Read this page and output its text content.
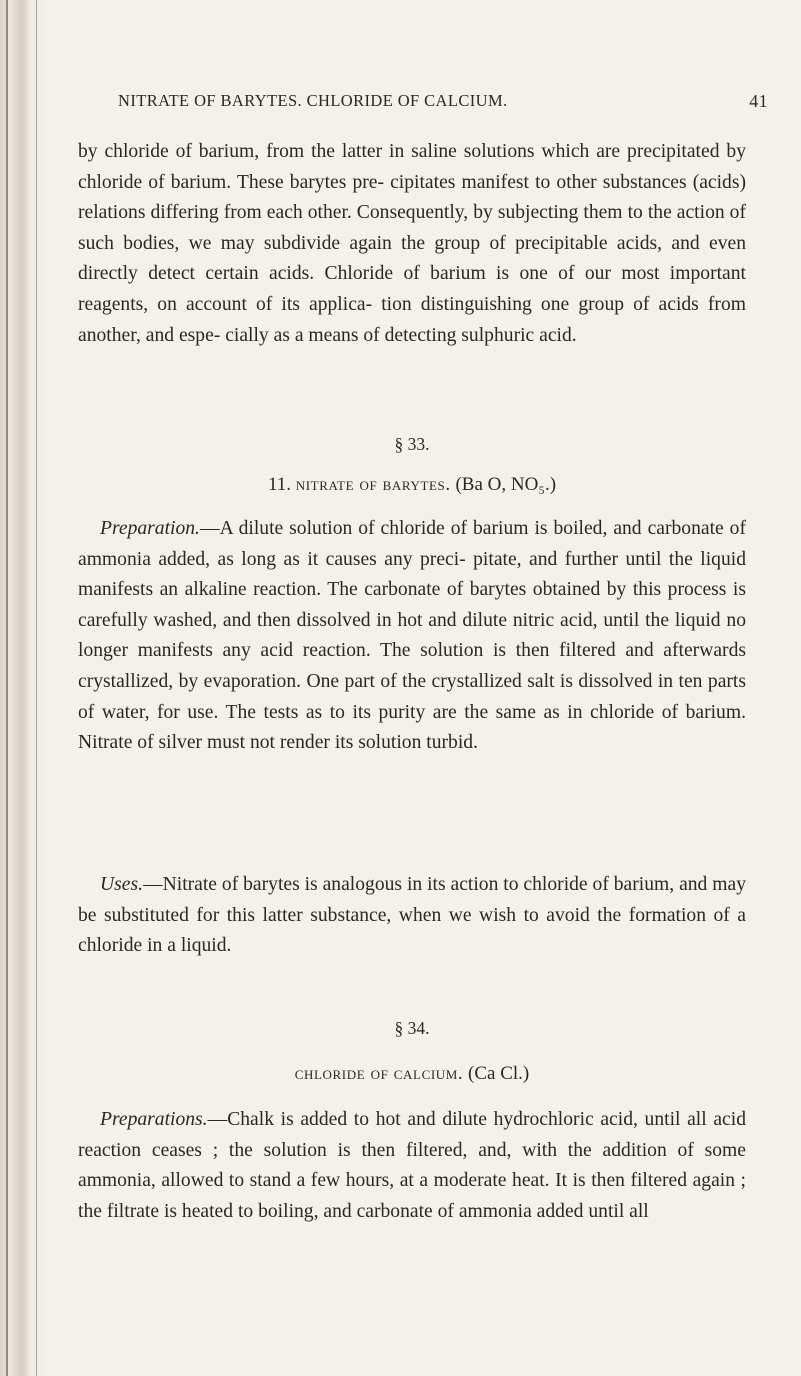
NITRATE OF BARYTES. CHLORIDE OF CALCIUM.	41

by chloride of barium, from the latter in saline solutions which are precipitated by chloride of barium. These barytes pre- cipitates manifest to other substances (acids) relations differing from each other. Consequently, by subjecting them to the action of such bodies, we may subdivide again the group of precipitable acids, and even directly detect certain acids. Chloride of barium is one of our most important reagents, on account of its applica- tion distinguishing one group of acids from another, and espe- cially as a means of detecting sulphuric acid.

§ 33.
11. nitrate of barytes. (Ba O, NO₅.)

Preparation.—A dilute solution of chloride of barium is boiled, and carbonate of ammonia added, as long as it causes any preci- pitate, and further until the liquid manifests an alkaline reaction. The carbonate of barytes obtained by this process is carefully washed, and then dissolved in hot and dilute nitric acid, until the liquid no longer manifests any acid reaction. The solution is then filtered and afterwards crystallized, by evaporation. One part of the crystallized salt is dissolved in ten parts of water, for use. The tests as to its purity are the same as in chloride of barium. Nitrate of silver must not render its solution turbid.

Uses.—Nitrate of barytes is analogous in its action to chloride of barium, and may be substituted for this latter substance, when we wish to avoid the formation of a chloride in a liquid.

§ 34.
chloride of calcium. (Ca Cl.)

Preparations.—Chalk is added to hot and dilute hydrochloric acid, until all acid reaction ceases ; the solution is then filtered, and, with the addition of some ammonia, allowed to stand a few hours, at a moderate heat. It is then filtered again ; the filtrate is heated to boiling, and carbonate of ammonia added until all
